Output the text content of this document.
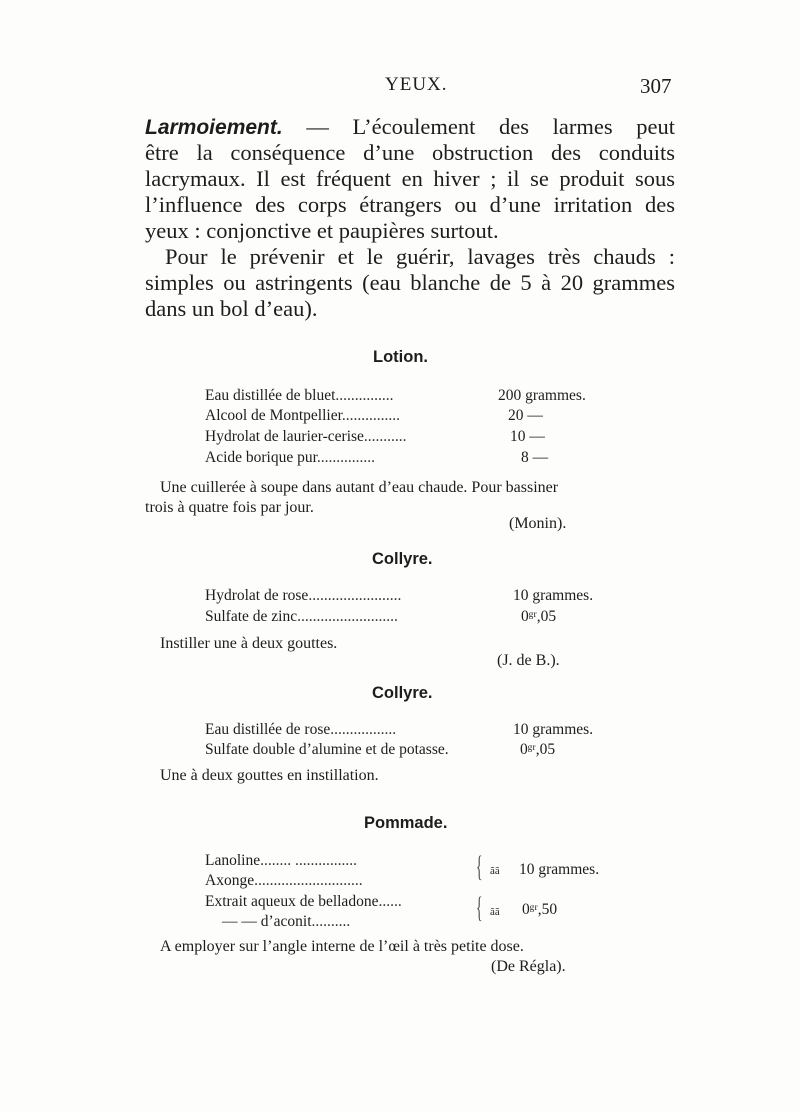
YEUX.	307
Larmoiement. — L’écoulement des larmes peut
être la conséquence d’une obstruction des conduits
lacrymaux. Il est fréquent en hiver ; il se produit sous
l’influence des corps étrangers ou d’une irritation des
yeux : conjonctive et paupières surtout.
Pour le prévenir et le guérir, lavages très chauds :
simples ou astringents (eau blanche de 5 à 20 grammes
dans un bol d’eau).
Lotion.
Eau distillée de bluet...............	200 grammes.
Alcool de Montpellier...............	20 —
Hydrolat de laurier-cerise...........	10 —
Acide borique pur...............	8 —
Une cuillerée à soupe dans autant d’eau chaude. Pour bassiner
trois à quatre fois par jour.
(Monin).
Collyre.
Hydrolat de rose........................	10 grammes.
Sulfate de zinc..........................	0ᵍʳ,05
Instiller une à deux gouttes.
(J. de B.).
Collyre.
Eau distillée de rose.................	10 grammes.
Sulfate double d’alumine et de potasse.	0ᵍʳ,05
Une à deux gouttes en instillation.
Pommade.
Lanoline........ ................
Axonge............................	{ ãã 10 grammes.
Extrait aqueux de belladone......
— — d’aconit..........	{ ãã 0ᵍʳ,50
A employer sur l’angle interne de l’œil à très petite dose.
(De Régla).
